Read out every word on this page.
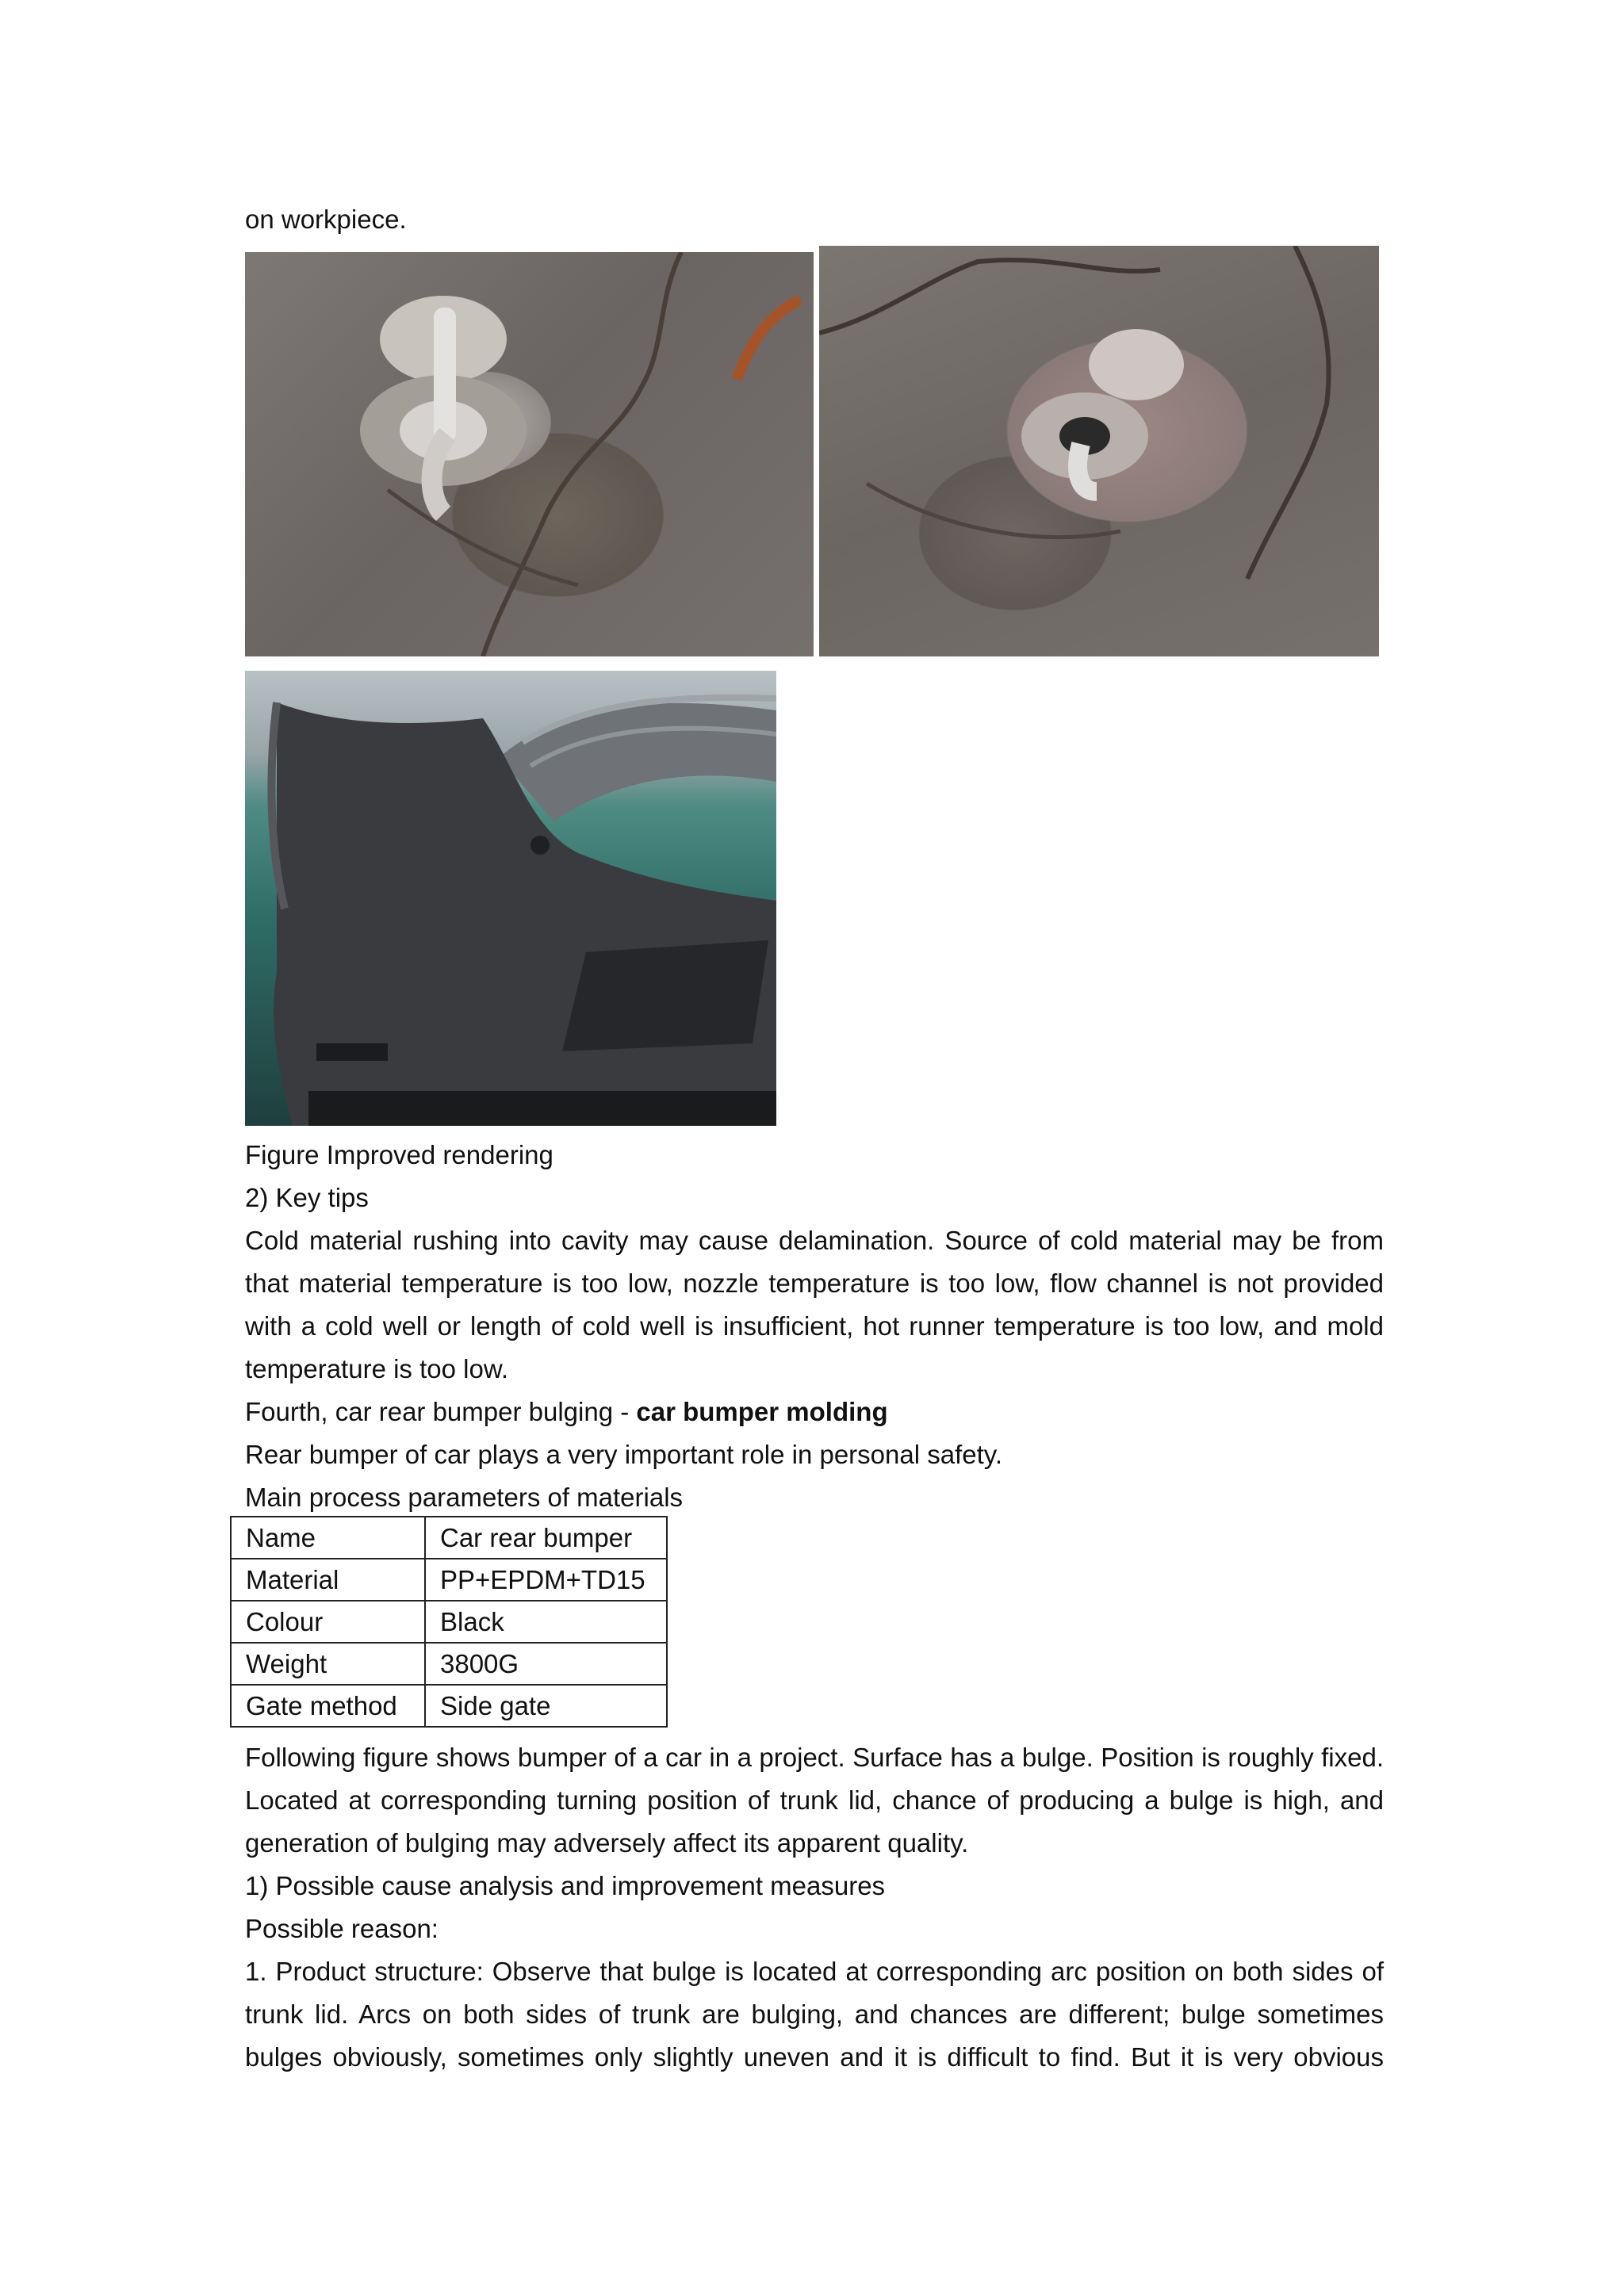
on workpiece.
Figure Improved rendering
2) Key tips
Cold material rushing into cavity may cause delamination. Source of cold material may be from
that material temperature is too low, nozzle temperature is too low, flow channel is not provided
with a cold well or length of cold well is insufficient, hot runner temperature is too low, and mold
temperature is too low.
Fourth, car rear bumper bulging - car bumper molding
Rear bumper of car plays a very important role in personal safety.
Main process parameters of materials
Name	Car rear bumper
Material	PP+EPDM+TD15
Colour	Black
Weight	3800G
Gate method	Side gate
Following figure shows bumper of a car in a project. Surface has a bulge. Position is roughly fixed.
Located at corresponding turning position of trunk lid, chance of producing a bulge is high, and
generation of bulging may adversely affect its apparent quality.
1) Possible cause analysis and improvement measures
Possible reason:
1. Product structure: Observe that bulge is located at corresponding arc position on both sides of
trunk lid. Arcs on both sides of trunk are bulging, and chances are different; bulge sometimes
bulges obviously, sometimes only slightly uneven and it is difficult to find. But it is very obvious
